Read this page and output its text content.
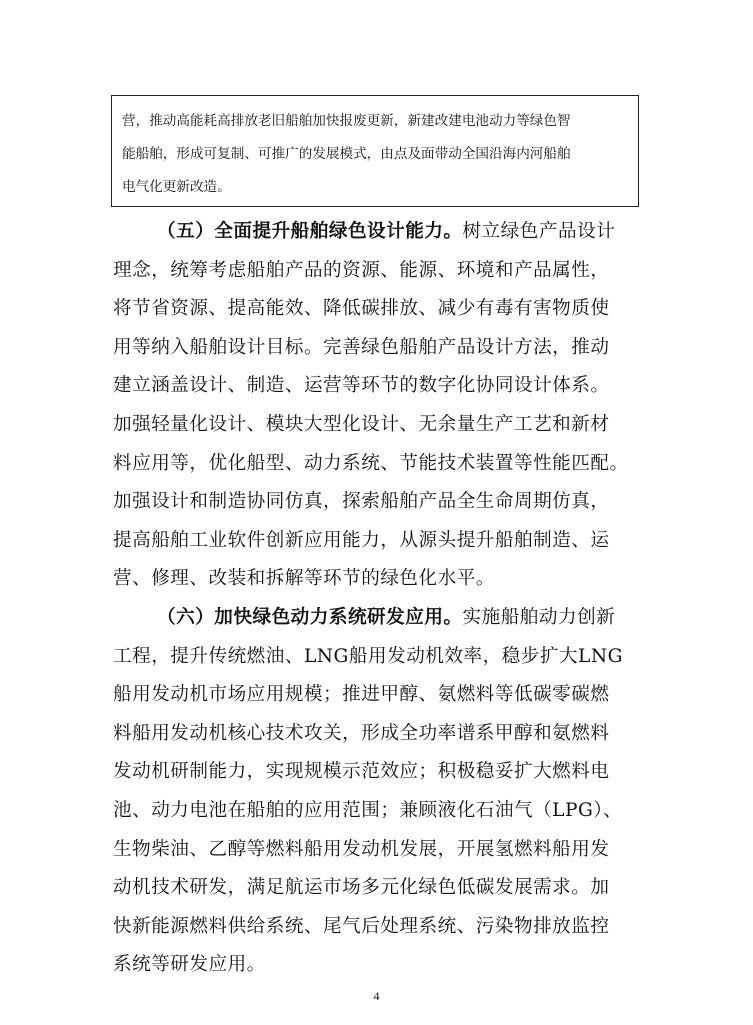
营，推动高能耗高排放老旧船舶加快报废更新，新建改建电池动力等绿色智
能船舶，形成可复制、可推广的发展模式，由点及面带动全国沿海内河船舶
电气化更新改造。
（五）全面提升船舶绿色设计能力。树立绿色产品设计
理念，统筹考虑船舶产品的资源、能源、环境和产品属性，
将节省资源、提高能效、降低碳排放、减少有毒有害物质使
用等纳入船舶设计目标。完善绿色船舶产品设计方法，推动
建立涵盖设计、制造、运营等环节的数字化协同设计体系。
加强轻量化设计、模块大型化设计、无余量生产工艺和新材
料应用等，优化船型、动力系统、节能技术装置等性能匹配。
加强设计和制造协同仿真，探索船舶产品全生命周期仿真，
提高船舶工业软件创新应用能力，从源头提升船舶制造、运
营、修理、改装和拆解等环节的绿色化水平。
（六）加快绿色动力系统研发应用。实施船舶动力创新
工程，提升传统燃油、LNG船用发动机效率，稳步扩大LNG
船用发动机市场应用规模；推进甲醇、氨燃料等低碳零碳燃
料船用发动机核心技术攻关，形成全功率谱系甲醇和氨燃料
发动机研制能力，实现规模示范效应；积极稳妥扩大燃料电
池、动力电池在船舶的应用范围；兼顾液化石油气（LPG）、
生物柴油、乙醇等燃料船用发动机发展，开展氢燃料船用发
动机技术研发，满足航运市场多元化绿色低碳发展需求。加
快新能源燃料供给系统、尾气后处理系统、污染物排放监控
系统等研发应用。
4
